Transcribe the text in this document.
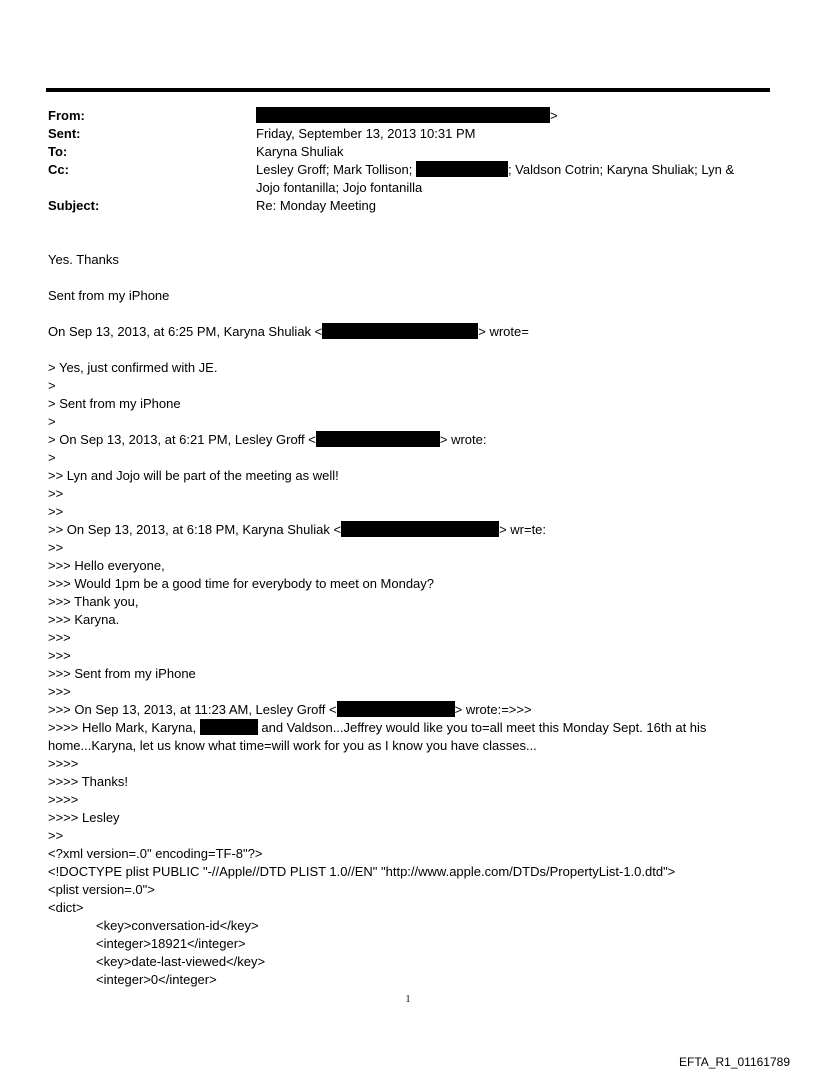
From:	>
Sent:	Friday, September 13, 2013 10:31 PM
To:	Karyna Shuliak
Cc:	Lesley Groff; Mark Tollison;	; Valdson Cotrin; Karyna Shuliak; Lyn &
Jojo fontanilla; Jojo fontanilla
Subject:	Re: Monday Meeting
Yes. Thanks
Sent from my iPhone
On Sep 13, 2013, at 6:25 PM, Karyna Shuliak <	> wrote=
> Yes, just confirmed with JE.
>
> Sent from my iPhone
>
> On Sep 13, 2013, at 6:21 PM, Lesley Groff <	> wrote:
>
>> Lyn and Jojo will be part of the meeting as well!
>>
>>
>> On Sep 13, 2013, at 6:18 PM, Karyna Shuliak <	> wr=te:
>>
>>> Hello everyone,
>>> Would 1pm be a good time for everybody to meet on Monday?
>>> Thank you,
>>> Karyna.
>>>
>>>
>>> Sent from my iPhone
>>>
>>> On Sep 13, 2013, at 11:23 AM, Lesley Groff <	> wrote:=>>>
>>>> Hello Mark, Karyna,	and Valdson...Jeffrey would like you to=all meet this Monday Sept. 16th at his
home...Karyna, let us know what time=will work for you as I know you have classes...
>>>>
>>>> Thanks!
>>>>
>>>> Lesley
>>
<?xml version=.0" encoding=TF-8"?>
<!DOCTYPE plist PUBLIC "-//Apple//DTD PLIST 1.0//EN" "http://www.apple.com/DTDs/PropertyList-1.0.dtd">
<plist version=.0">
<dict>
<key>conversation-id</key>
<integer>18921</integer>
<key>date-last-viewed</key>
<integer>0</integer>
1
EFTA_R1_01161789
